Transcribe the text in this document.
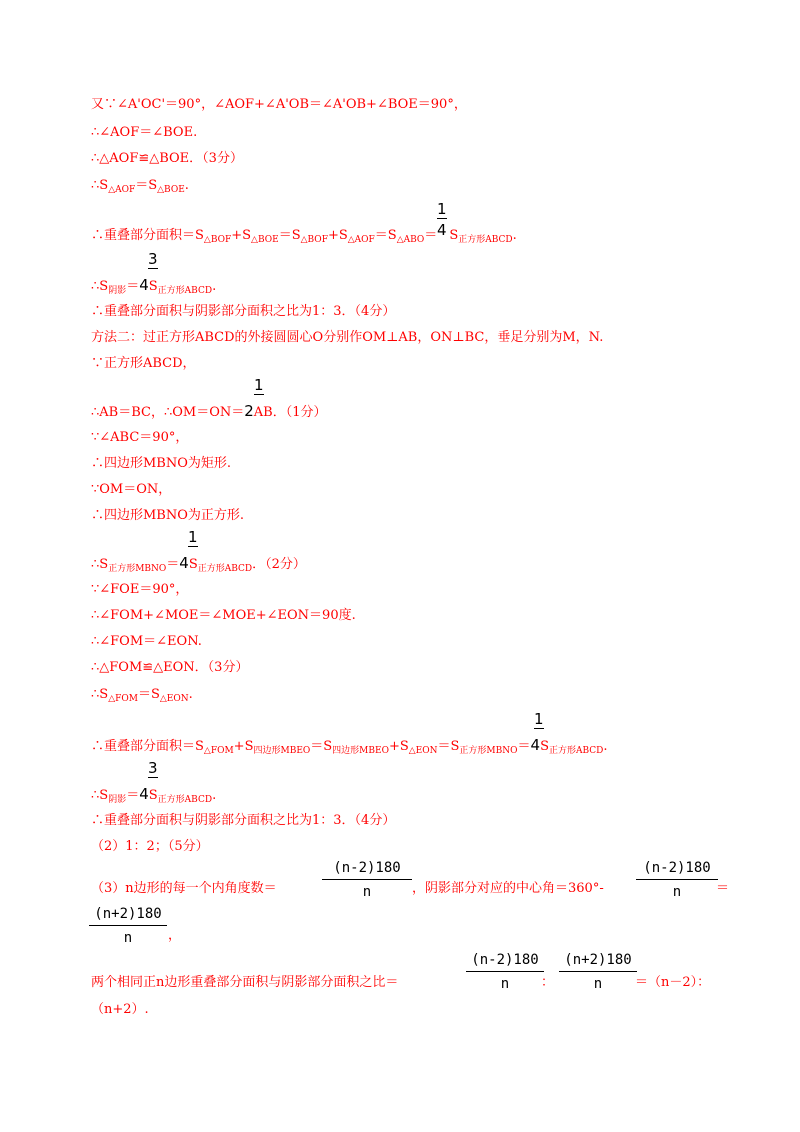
又∵∠A'OC'＝90°，∠AOF+∠A'OB＝∠A'OB+∠BOE＝90°，
∴∠AOF＝∠BOE.
∴△AOF≌△BOE．（3分）
$\therefore S_{\triangle AOF}=S_{\triangle BOE}$.
1
4
∴重叠部分面积$=S_{\triangle BOF}+S_{\triangle BOE}=S_{\triangle BOF}+S_{\triangle AOF}=S_{\triangle ABO}= S_{正方形ABCD}$.
3
$\therefore S_{阴影}=4S_{正方形ABCD}$.
∴重叠部分面积与阴影部分面积之比为1：3．（4分）
方法二：过正方形ABCD的外接圆圆心O分别作OM⊥AB，ON⊥BC，垂足分别为M，N.
∵正方形ABCD，
1
∴AB＝BC，∴OM＝ON＝2AB．（1分）
∵∠ABC＝90°，
∴四边形MBNO为矩形.
∵OM＝ON，
∴四边形MBNO为正方形.
1
$\therefore S_{正方形MBNO}=4S_{正方形ABCD}$．（2分）
∵∠FOE＝90°，
∴∠FOM+∠MOE＝∠MOE+∠EON＝90度.
∴∠FOM＝∠EON.
∴△FOM≌△EON．（3分）
$\therefore S_{\triangle FOM}=S_{\triangle EON}$.
1
∴重叠部分面积$=S_{\triangle FOM}+S_{四边形MBEO}=S_{四边形MBEO}+S_{\triangle EON}=S_{正方形MBNO}=4S_{正方形ABCD}$.
3
$\therefore S_{阴影}=4S_{正方形ABCD}$.
∴重叠部分面积与阴影部分面积之比为1：3．（4分）
（2）1：2；（5分）
(n-2)180
n
(n-2)180
n
（3）n边形的每一个内角度数＝	，阴影部分对应的中心角＝360°-	＝
(n+2)180
n	，
(n-2)180
n
(n+2)180
n
两个相同正n边形重叠部分面积与阴影部分面积之比＝	：	＝（n－2）：
（n+2）.
